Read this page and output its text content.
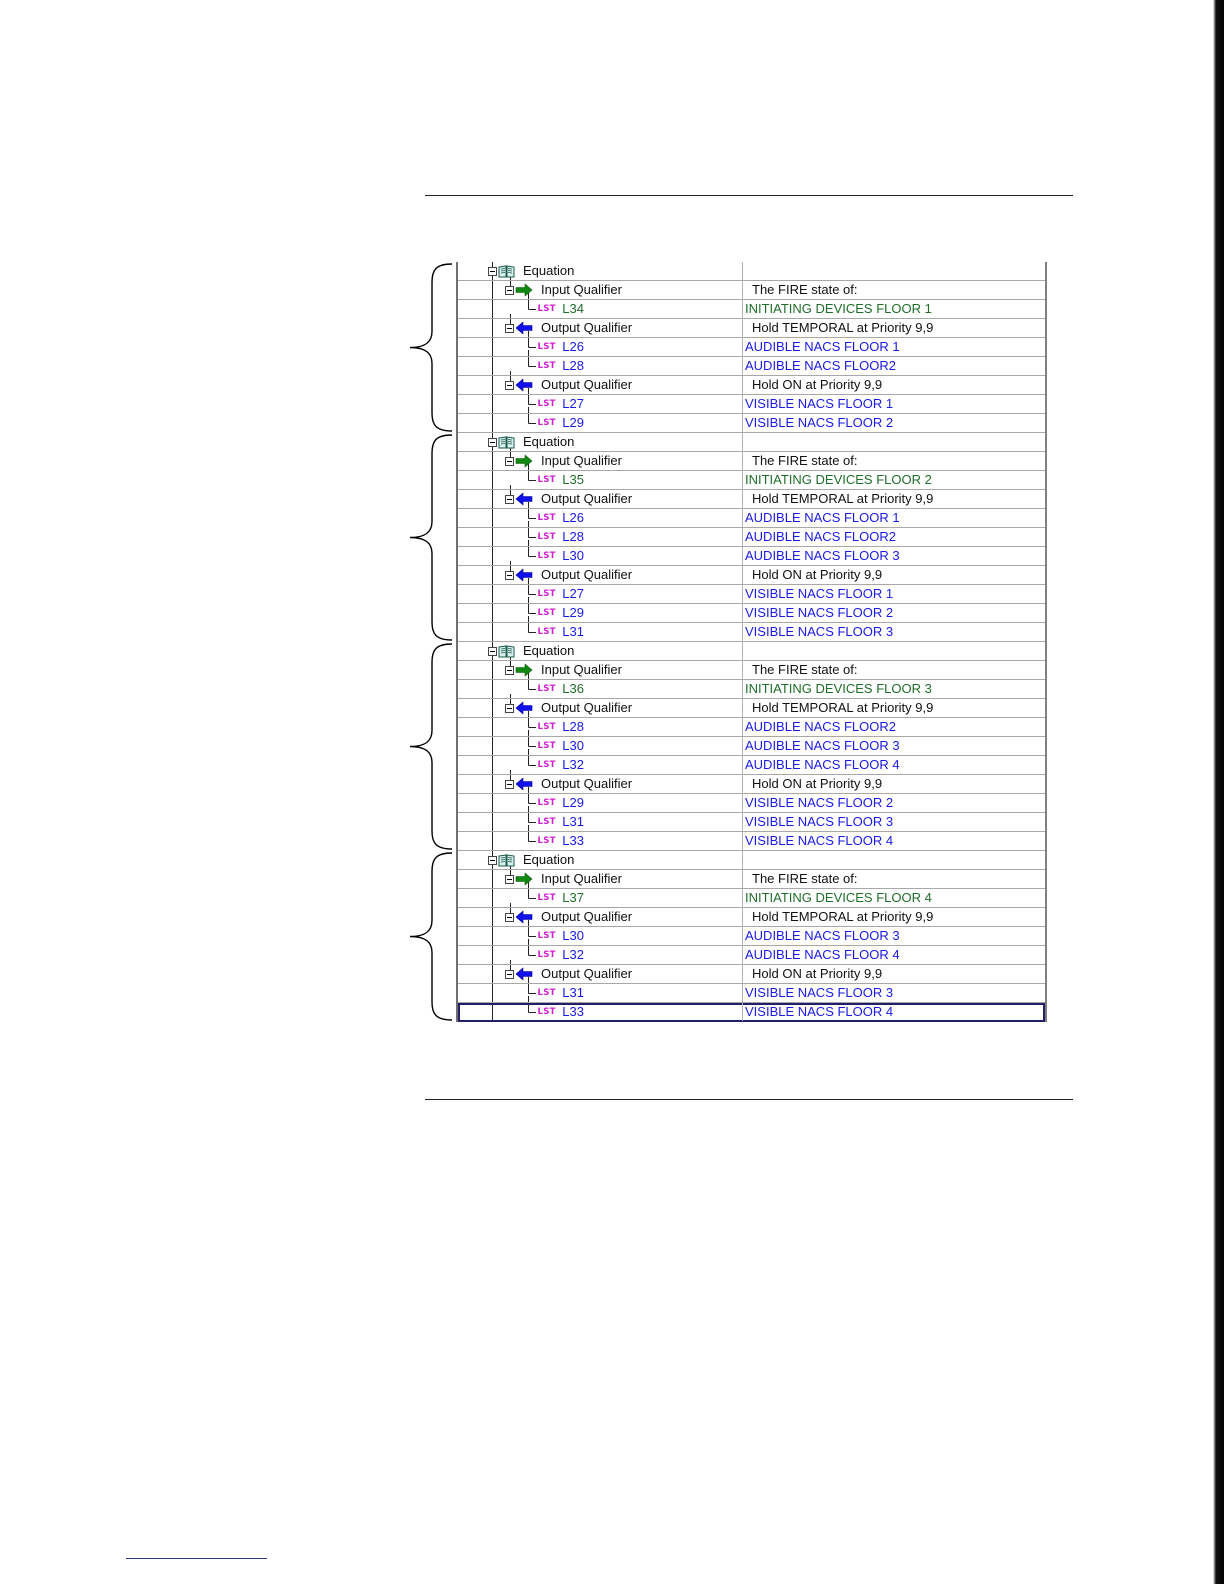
Equation
Input Qualifier	The FIRE state of:
LST L34	INITIATING DEVICES FLOOR 1
Output Qualifier	Hold TEMPORAL at Priority 9,9
LST L26	AUDIBLE NACS FLOOR 1
LST L28	AUDIBLE NACS FLOOR2
Output Qualifier	Hold ON at Priority 9,9
LST L27	VISIBLE NACS FLOOR 1
LST L29	VISIBLE NACS FLOOR 2
Equation
Input Qualifier	The FIRE state of:
LST L35	INITIATING DEVICES FLOOR 2
Output Qualifier	Hold TEMPORAL at Priority 9,9
LST L26	AUDIBLE NACS FLOOR 1
LST L28	AUDIBLE NACS FLOOR2
LST L30	AUDIBLE NACS FLOOR 3
Output Qualifier	Hold ON at Priority 9,9
LST L27	VISIBLE NACS FLOOR 1
LST L29	VISIBLE NACS FLOOR 2
LST L31	VISIBLE NACS FLOOR 3
Equation
Input Qualifier	The FIRE state of:
LST L36	INITIATING DEVICES FLOOR 3
Output Qualifier	Hold TEMPORAL at Priority 9,9
LST L28	AUDIBLE NACS FLOOR2
LST L30	AUDIBLE NACS FLOOR 3
LST L32	AUDIBLE NACS FLOOR 4
Output Qualifier	Hold ON at Priority 9,9
LST L29	VISIBLE NACS FLOOR 2
LST L31	VISIBLE NACS FLOOR 3
LST L33	VISIBLE NACS FLOOR 4
Equation
Input Qualifier	The FIRE state of:
LST L37	INITIATING DEVICES FLOOR 4
Output Qualifier	Hold TEMPORAL at Priority 9,9
LST L30	AUDIBLE NACS FLOOR 3
LST L32	AUDIBLE NACS FLOOR 4
Output Qualifier	Hold ON at Priority 9,9
LST L31	VISIBLE NACS FLOOR 3
LST L33	VISIBLE NACS FLOOR 4
